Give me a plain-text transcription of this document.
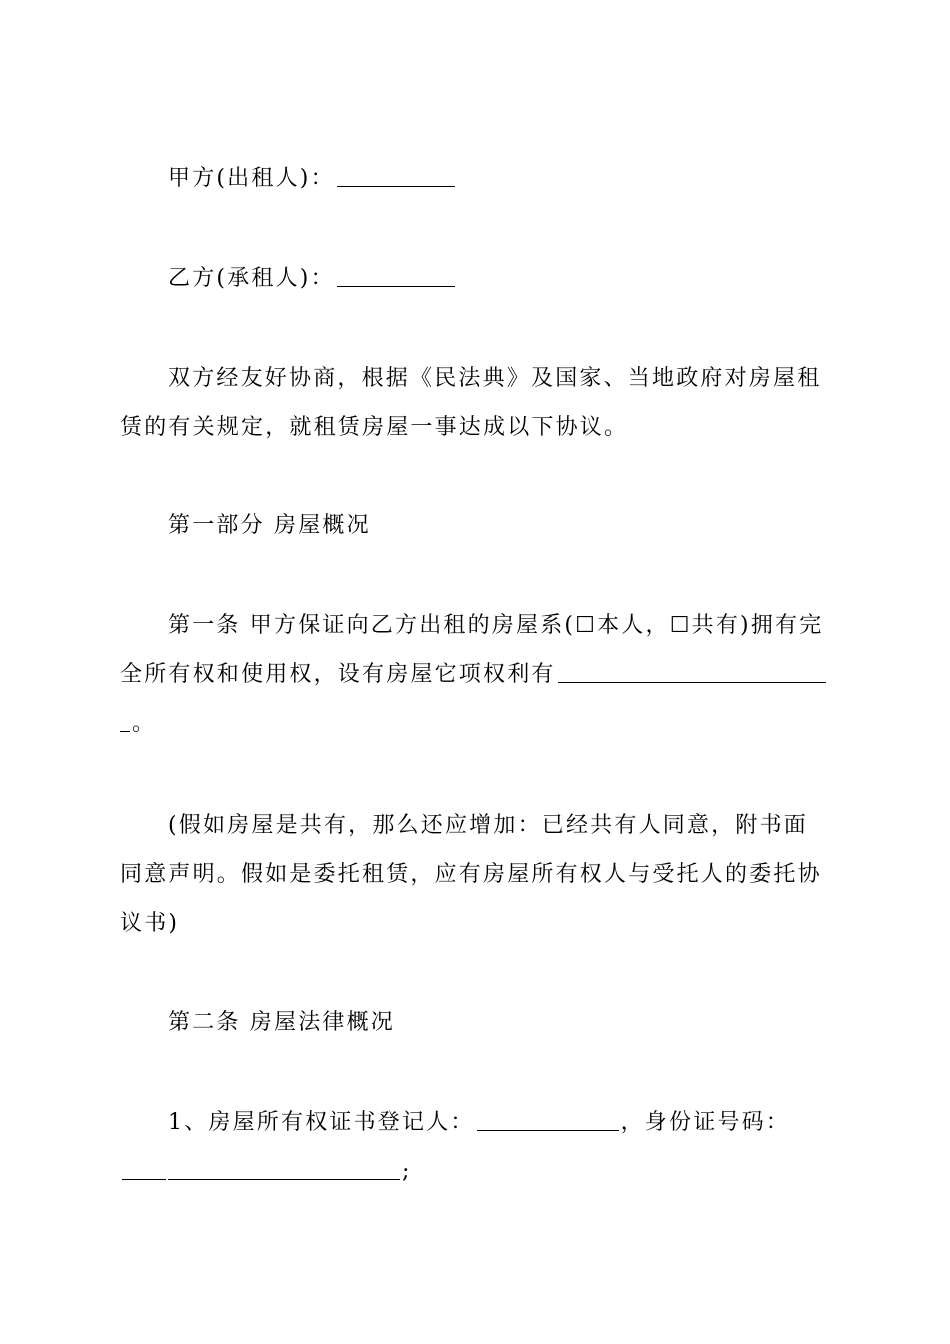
甲方(出租人)：
乙方(承租人)：
双方经友好协商，根据《民法典》及国家、当地政府对房屋租赁的有关规定，就租赁房屋一事达成以下协议。
第一部分 房屋概况
第一条 甲方保证向乙方出租的房屋系(☐本人，☐共有)拥有完全所有权和使用权，设有房屋它项权利有。
(假如房屋是共有，那么还应增加：已经共有人同意，附书面同意声明。假如是委托租赁，应有房屋所有权人与受托人的委托协议书)
第二条 房屋法律概况
1、房屋所有权证书登记人：	，身份证号码：;
